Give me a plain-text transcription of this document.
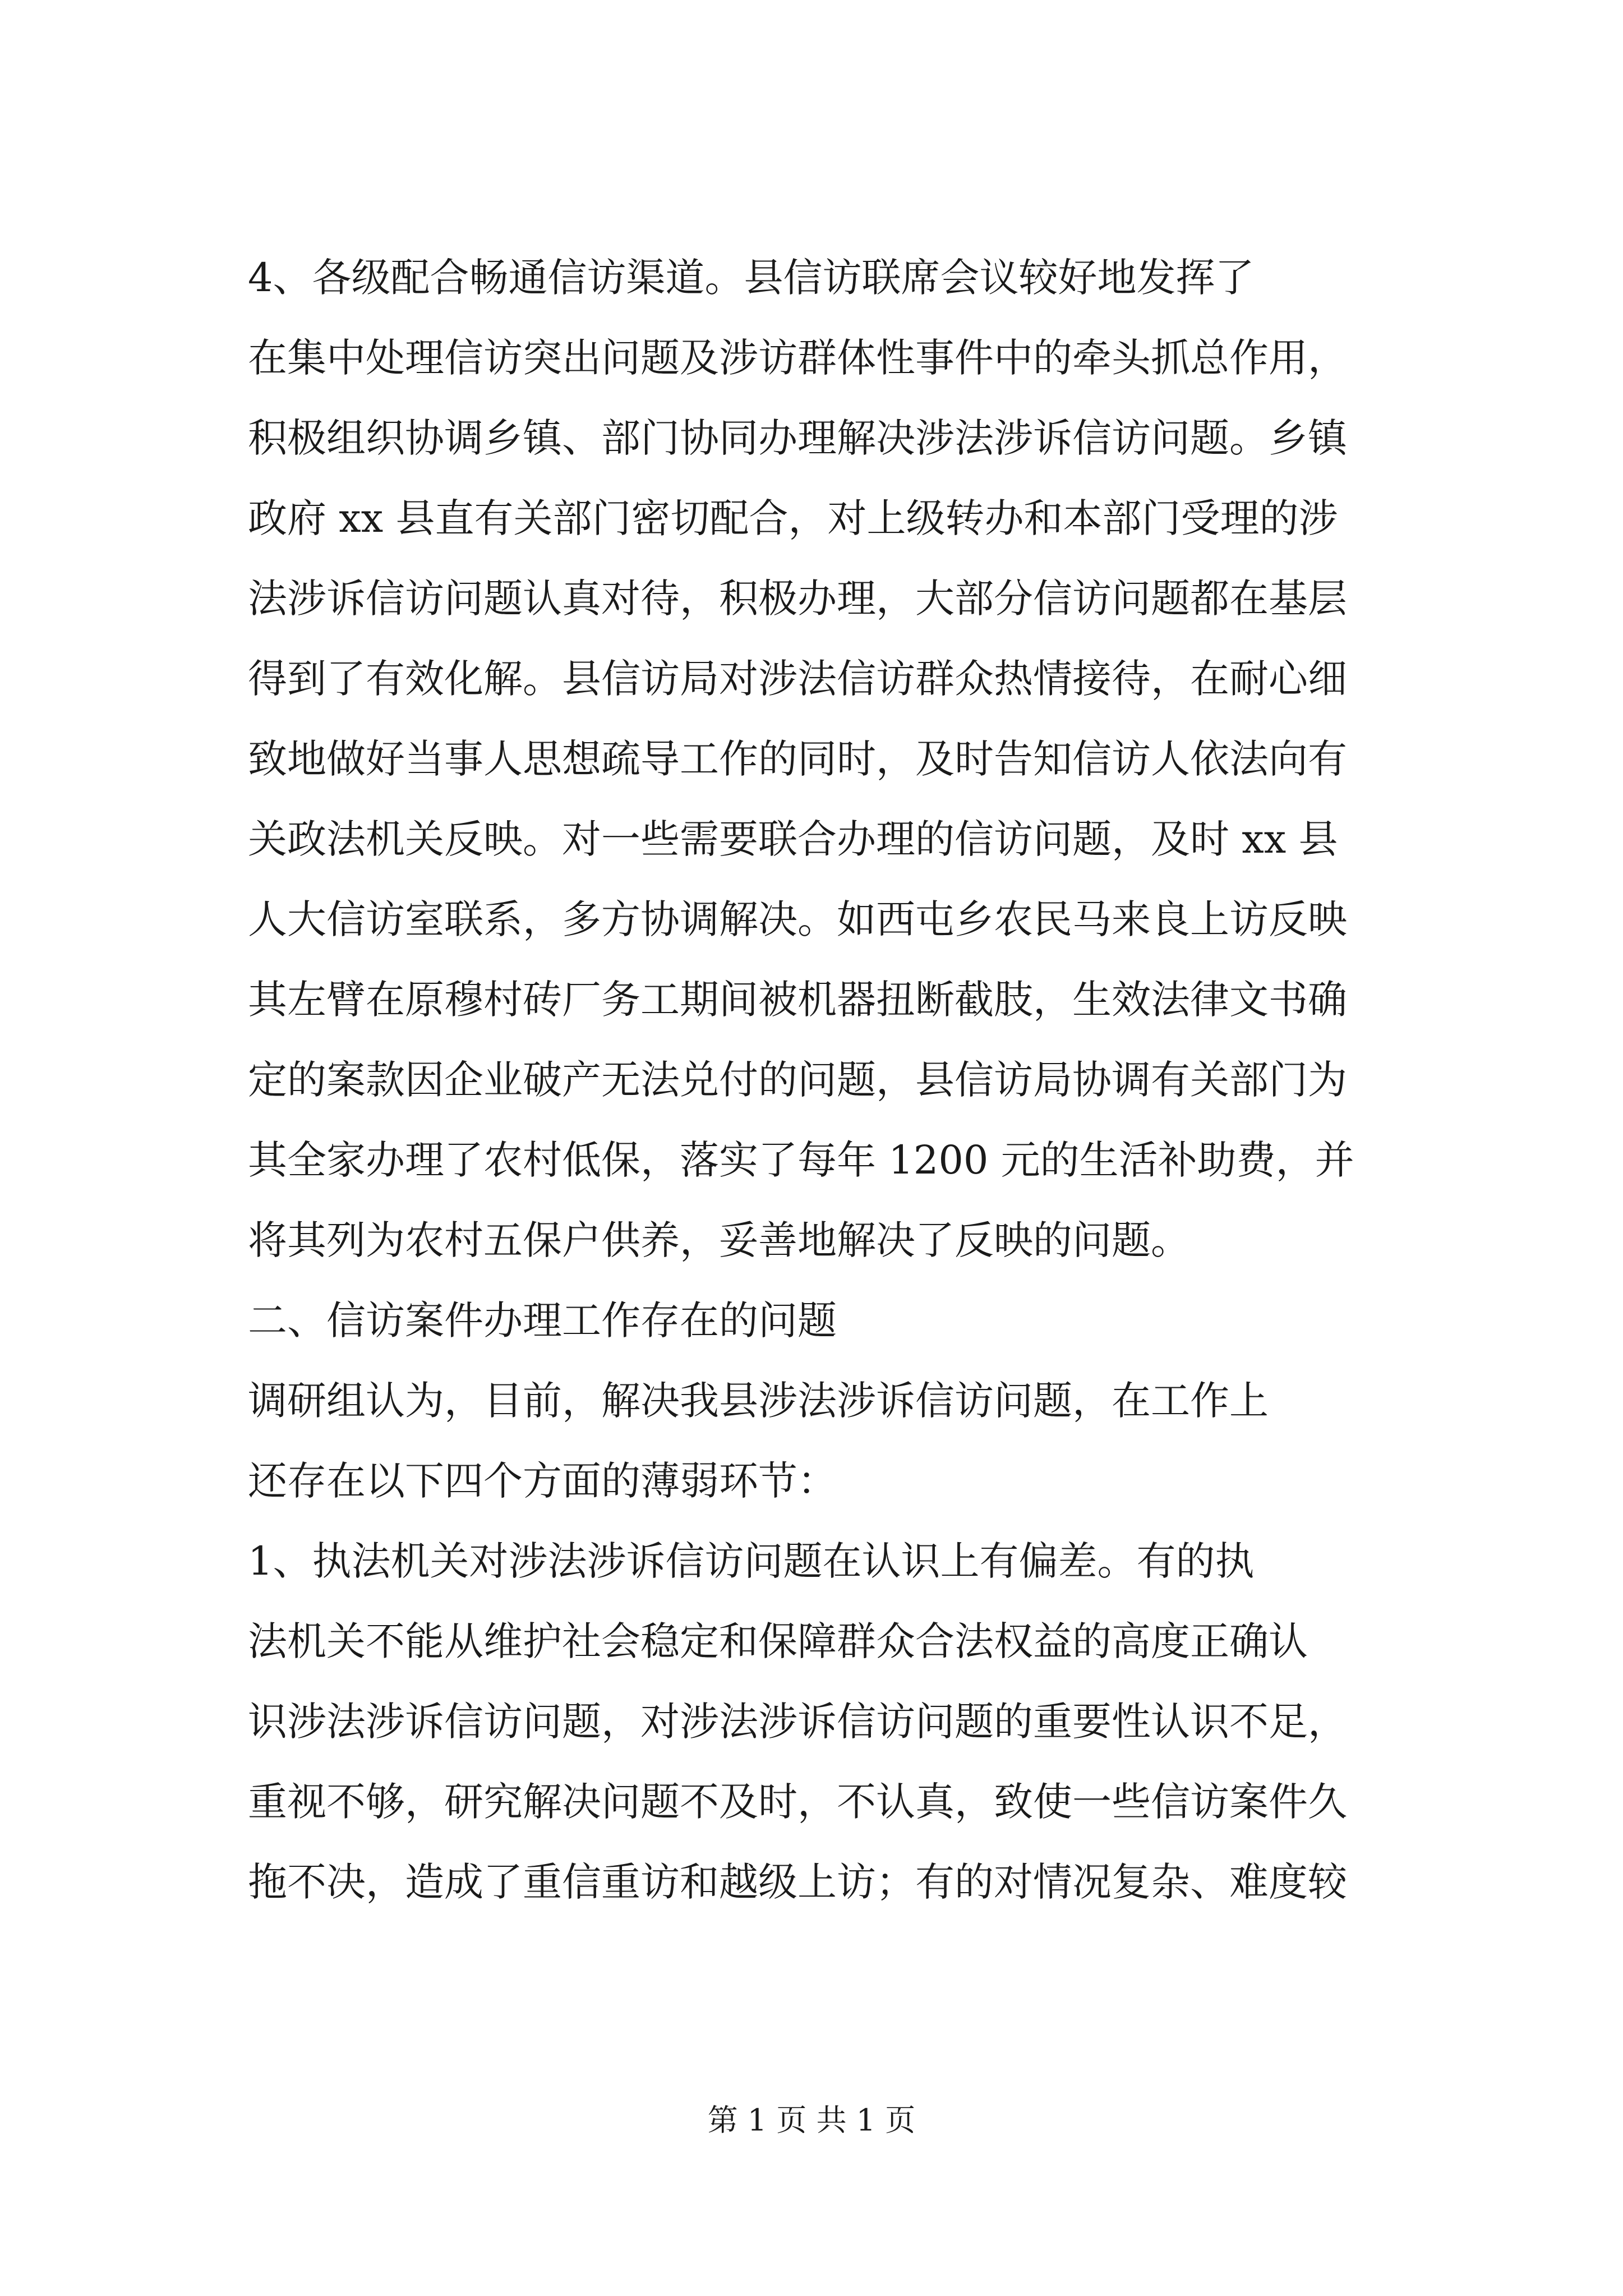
4、各级配合畅通信访渠道。县信访联席会议较好地发挥了
在集中处理信访突出问题及涉访群体性事件中的牵头抓总作用，
积极组织协调乡镇、部门协同办理解决涉法涉诉信访问题。乡镇
政府 xx 县直有关部门密切配合，对上级转办和本部门受理的涉
法涉诉信访问题认真对待，积极办理，大部分信访问题都在基层
得到了有效化解。县信访局对涉法信访群众热情接待，在耐心细
致地做好当事人思想疏导工作的同时，及时告知信访人依法向有
关政法机关反映。对一些需要联合办理的信访问题，及时 xx 县
人大信访室联系，多方协调解决。如西屯乡农民马来良上访反映
其左臂在原穆村砖厂务工期间被机器扭断截肢，生效法律文书确
定的案款因企业破产无法兑付的问题，县信访局协调有关部门为
其全家办理了农村低保，落实了每年 1200 元的生活补助费，并
将其列为农村五保户供养，妥善地解决了反映的问题。
二、信访案件办理工作存在的问题
调研组认为，目前，解决我县涉法涉诉信访问题，在工作上
还存在以下四个方面的薄弱环节：
1、执法机关对涉法涉诉信访问题在认识上有偏差。有的执
法机关不能从维护社会稳定和保障群众合法权益的高度正确认
识涉法涉诉信访问题，对涉法涉诉信访问题的重要性认识不足，
重视不够，研究解决问题不及时，不认真，致使一些信访案件久
拖不决，造成了重信重访和越级上访；有的对情况复杂、难度较
第 1 页 共 1 页
